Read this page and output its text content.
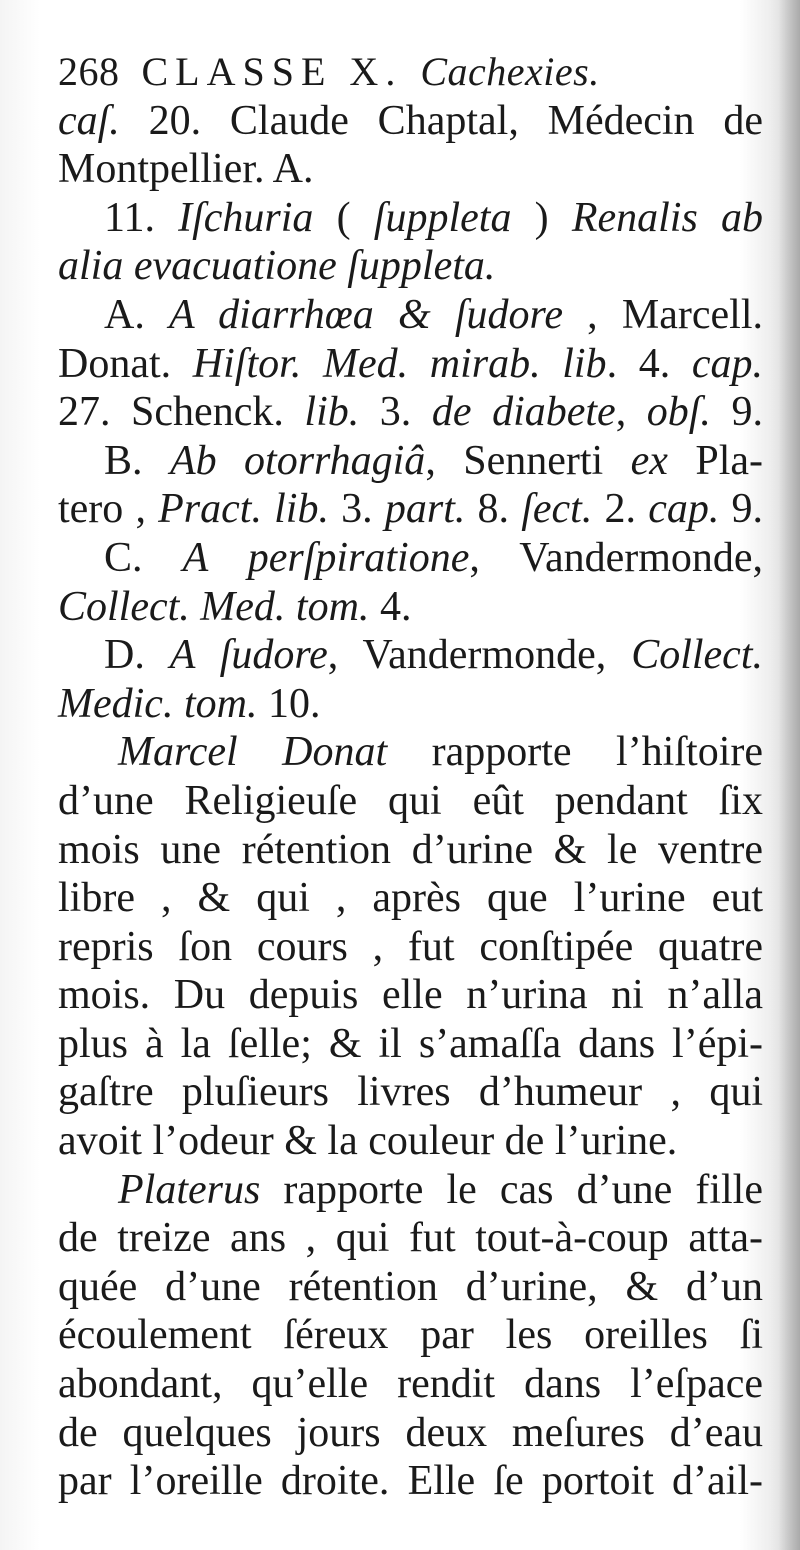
268 CLASSE X. Cachexies.
caſ. 20. Claude Chaptal, Médecin de
Montpellier. A.
11. Iſchuria ( ſuppleta ) Renalis ab
alia evacuatione ſuppleta.
A. A diarrhœa & ſudore , Marcell.
Donat. Hiſtor. Med. mirab. lib. 4. cap.
27. Schenck. lib. 3. de diabete, obſ. 9.
B. Ab otorrhagiâ, Sennerti ex Pla-
tero , Pract. lib. 3. part. 8. ſect. 2. cap. 9.
C. A perſpiratione, Vandermonde,
Collect. Med. tom. 4.
D. A ſudore, Vandermonde, Collect.
Medic. tom. 10.
Marcel Donat rapporte l’hiſtoire
d’une Religieuſe qui eût pendant ſix
mois une rétention d’urine & le ventre
libre , & qui , après que l’urine eut
repris ſon cours , fut conſtipée quatre
mois. Du depuis elle n’urina ni n’alla
plus à la ſelle; & il s’amaſſa dans l’épi-
gaſtre pluſieurs livres d’humeur , qui
avoit l’odeur & la couleur de l’urine.
Platerus rapporte le cas d’une fille
de treize ans , qui fut tout-à-coup atta-
quée d’une rétention d’urine, & d’un
écoulement ſéreux par les oreilles ſi
abondant, qu’elle rendit dans l’eſpace
de quelques jours deux meſures d’eau
par l’oreille droite. Elle ſe portoit d’ail-
